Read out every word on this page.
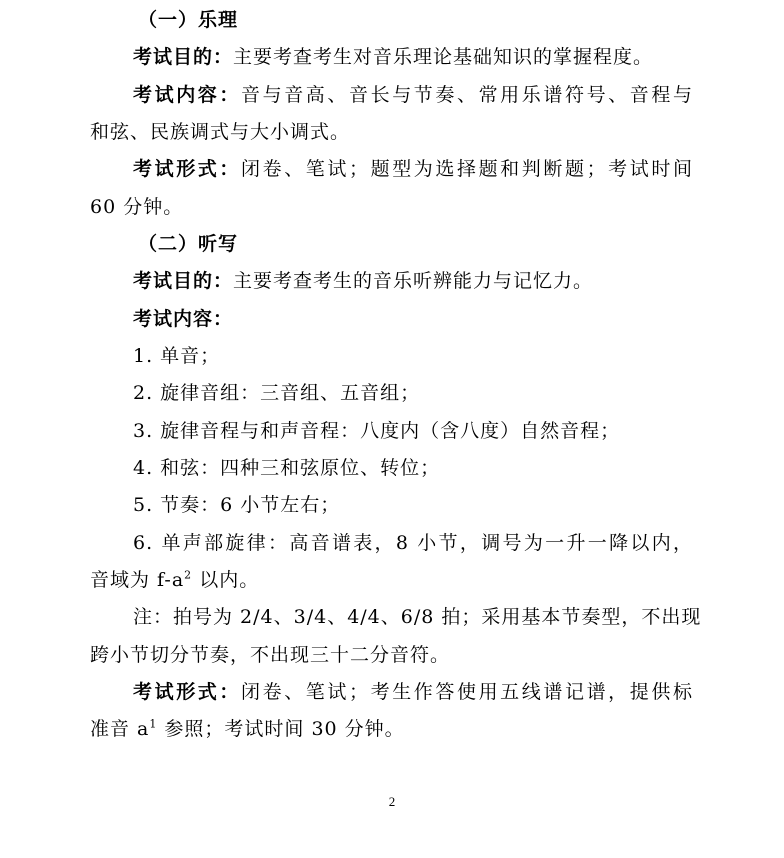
（一）乐理
考试目的：主要考查考生对音乐理论基础知识的掌握程度。
考试内容：音与音高、音长与节奏、常用乐谱符号、音程与
和弦、民族调式与大小调式。
考试形式：闭卷、笔试；题型为选择题和判断题；考试时间
60 分钟。
（二）听写
考试目的：主要考查考生的音乐听辨能力与记忆力。
考试内容：
1. 单音；
2. 旋律音组：三音组、五音组；
3. 旋律音程与和声音程：八度内（含八度）自然音程；
4. 和弦：四种三和弦原位、转位；
5. 节奏：6 小节左右；
6. 单声部旋律：高音谱表，8 小节，调号为一升一降以内，
音域为 $f-a^2$ 以内。
注：拍号为 2/4、3/4、4/4、6/8 拍；采用基本节奏型，不出现
跨小节切分节奏，不出现三十二分音符。
考试形式：闭卷、笔试；考生作答使用五线谱记谱，提供标
准音 $a^1$ 参照；考试时间 30 分钟。
2
